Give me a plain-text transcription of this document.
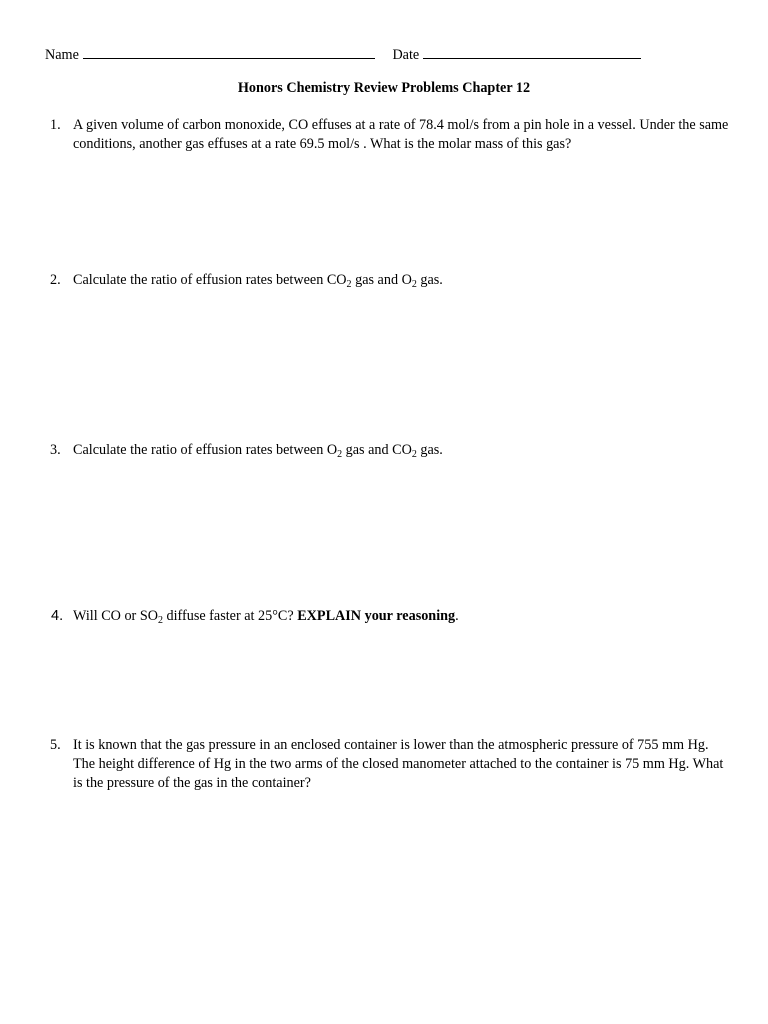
Name	Date
Honors Chemistry Review Problems Chapter 12
1. A given volume of carbon monoxide, CO effuses at a rate of 78.4 mol/s from a pin hole in a vessel. Under the same conditions, another gas effuses at a rate 69.5 mol/s . What is the molar mass of this gas?
2. Calculate the ratio of effusion rates between $CO_2$ gas and $O_2$ gas.
3. Calculate the ratio of effusion rates between $O_2$ gas and $CO_2$ gas.
4. Will CO or $SO_2$ diffuse faster at 25°C? EXPLAIN your reasoning.
5. It is known that the gas pressure in an enclosed container is lower than the atmospheric pressure of 755 mm Hg. The height difference of Hg in the two arms of the closed manometer attached to the container is 75 mm Hg. What is the pressure of the gas in the container?
